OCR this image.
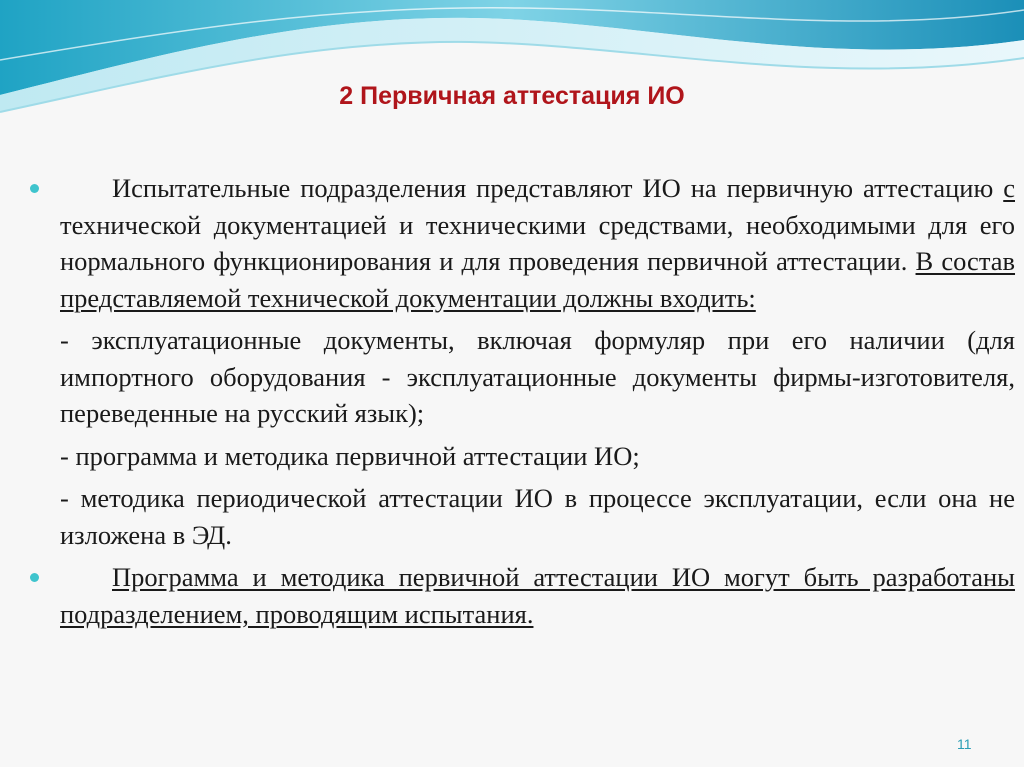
2 Первичная аттестация ИО

Испытательные подразделения представляют ИО на первичную аттестацию с технической документацией и техническими средствами, необходимыми для его нормального функционирования и для проведения первичной аттестации. В состав представляемой технической документации должны входить:

- эксплуатационные документы, включая формуляр при его наличии (для импортного оборудования - эксплуатационные документы фирмы-изготовителя, переведенные на русский язык);

- программа и методика первичной аттестации ИО;

- методика периодической аттестации ИО в процессе эксплуатации, если она не изложена в ЭД.

Программа и методика первичной аттестации ИО могут быть разработаны подразделением, проводящим испытания.

11
